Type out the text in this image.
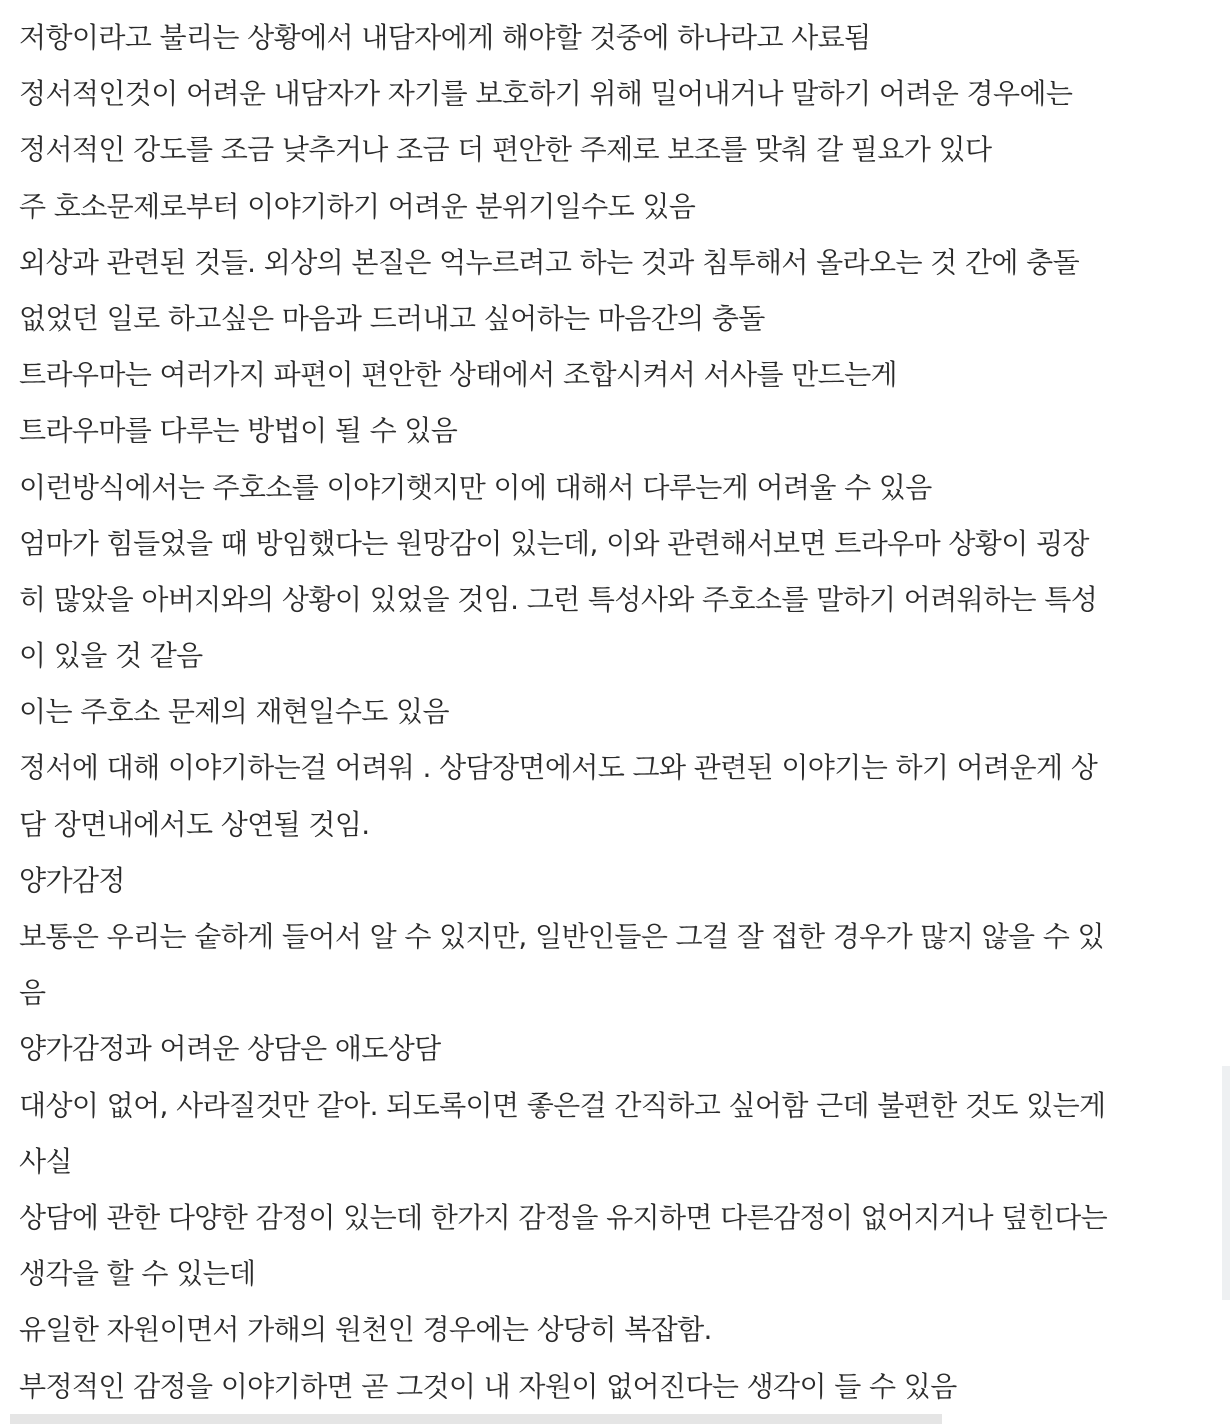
저항이라고 불리는 상황에서 내담자에게 해야할 것중에 하나라고 사료됨
정서적인것이 어려운 내담자가 자기를 보호하기 위해 밀어내거나 말하기 어려운 경우에는
정서적인 강도를 조금 낮추거나 조금 더 편안한 주제로 보조를 맞춰 갈 필요가 있다
주 호소문제로부터 이야기하기 어려운 분위기일수도 있음
외상과 관련된 것들. 외상의 본질은 억누르려고 하는 것과 침투해서 올라오는 것 간에 충돌
없었던 일로 하고싶은 마음과 드러내고 싶어하는 마음간의 충돌
트라우마는 여러가지 파편이 편안한 상태에서 조합시켜서 서사를 만드는게
트라우마를 다루는 방법이 될 수 있음
이런방식에서는 주호소를 이야기햇지만 이에 대해서 다루는게 어려울 수 있음
엄마가 힘들었을 때 방임했다는 원망감이 있는데, 이와 관련해서보면 트라우마 상황이 굉장
히 많았을 아버지와의 상황이 있었을 것임. 그런 특성사와 주호소를 말하기 어려워하는 특성
이 있을 것 같음
이는 주호소 문제의 재현일수도 있음
정서에 대해 이야기하는걸 어려워 . 상담장면에서도 그와 관련된 이야기는 하기 어려운게 상
담 장면내에서도 상연될 것임.
양가감정
보통은 우리는 숱하게 들어서 알 수 있지만, 일반인들은 그걸 잘 접한 경우가 많지 않을 수 있
음
양가감정과 어려운 상담은 애도상담
대상이 없어, 사라질것만 같아. 되도록이면 좋은걸 간직하고 싶어함 근데 불편한 것도 있는게
사실
상담에 관한 다양한 감정이 있는데 한가지 감정을 유지하면 다른감정이 없어지거나 덮힌다는
생각을 할 수 있는데
유일한 자원이면서 가해의 원천인 경우에는 상당히 복잡함.
부정적인 감정을 이야기하면 곧 그것이 내 자원이 없어진다는 생각이 들 수 있음
